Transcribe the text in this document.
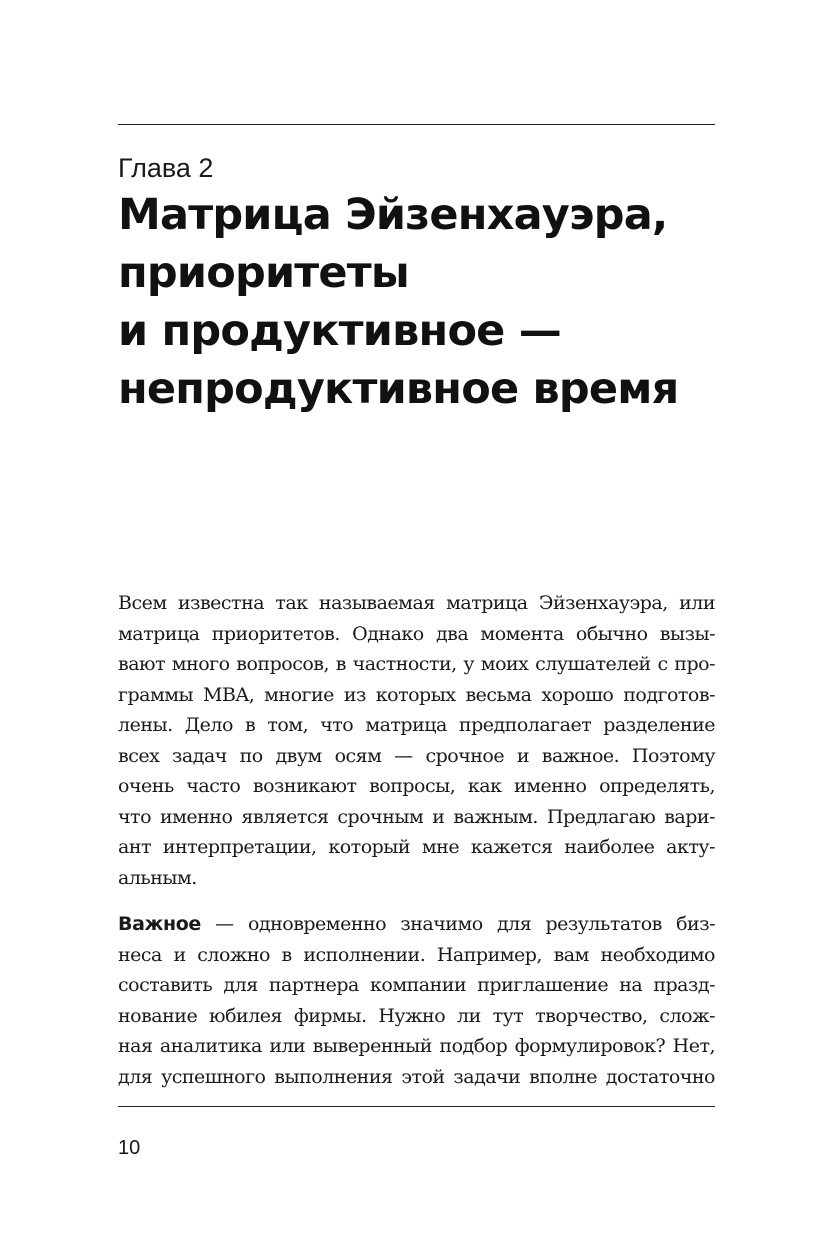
Глава 2
Матрица Эйзенхауэра,
приоритеты
и продуктивное —
непродуктивное время
Всем известна так называемая матрица Эйзенхауэра, или
матрица приоритетов. Однако два момента обычно вызы-
вают много вопросов, в частности, у моих слушателей с про-
граммы MBA, многие из которых весьма хорошо подготов-
лены. Дело в том, что матрица предполагает разделение
всех задач по двум осям — срочное и важное. Поэтому
очень часто возникают вопросы, как именно определять,
что именно является срочным и важным. Предлагаю вари-
ант интерпретации, который мне кажется наиболее акту-
альным.
Важное — одновременно значимо для результатов биз-
неса и сложно в исполнении. Например, вам необходимо
составить для партнера компании приглашение на празд-
нование юбилея фирмы. Нужно ли тут творчество, слож-
ная аналитика или выверенный подбор формулировок? Нет,
для успешного выполнения этой задачи вполне достаточно
10
